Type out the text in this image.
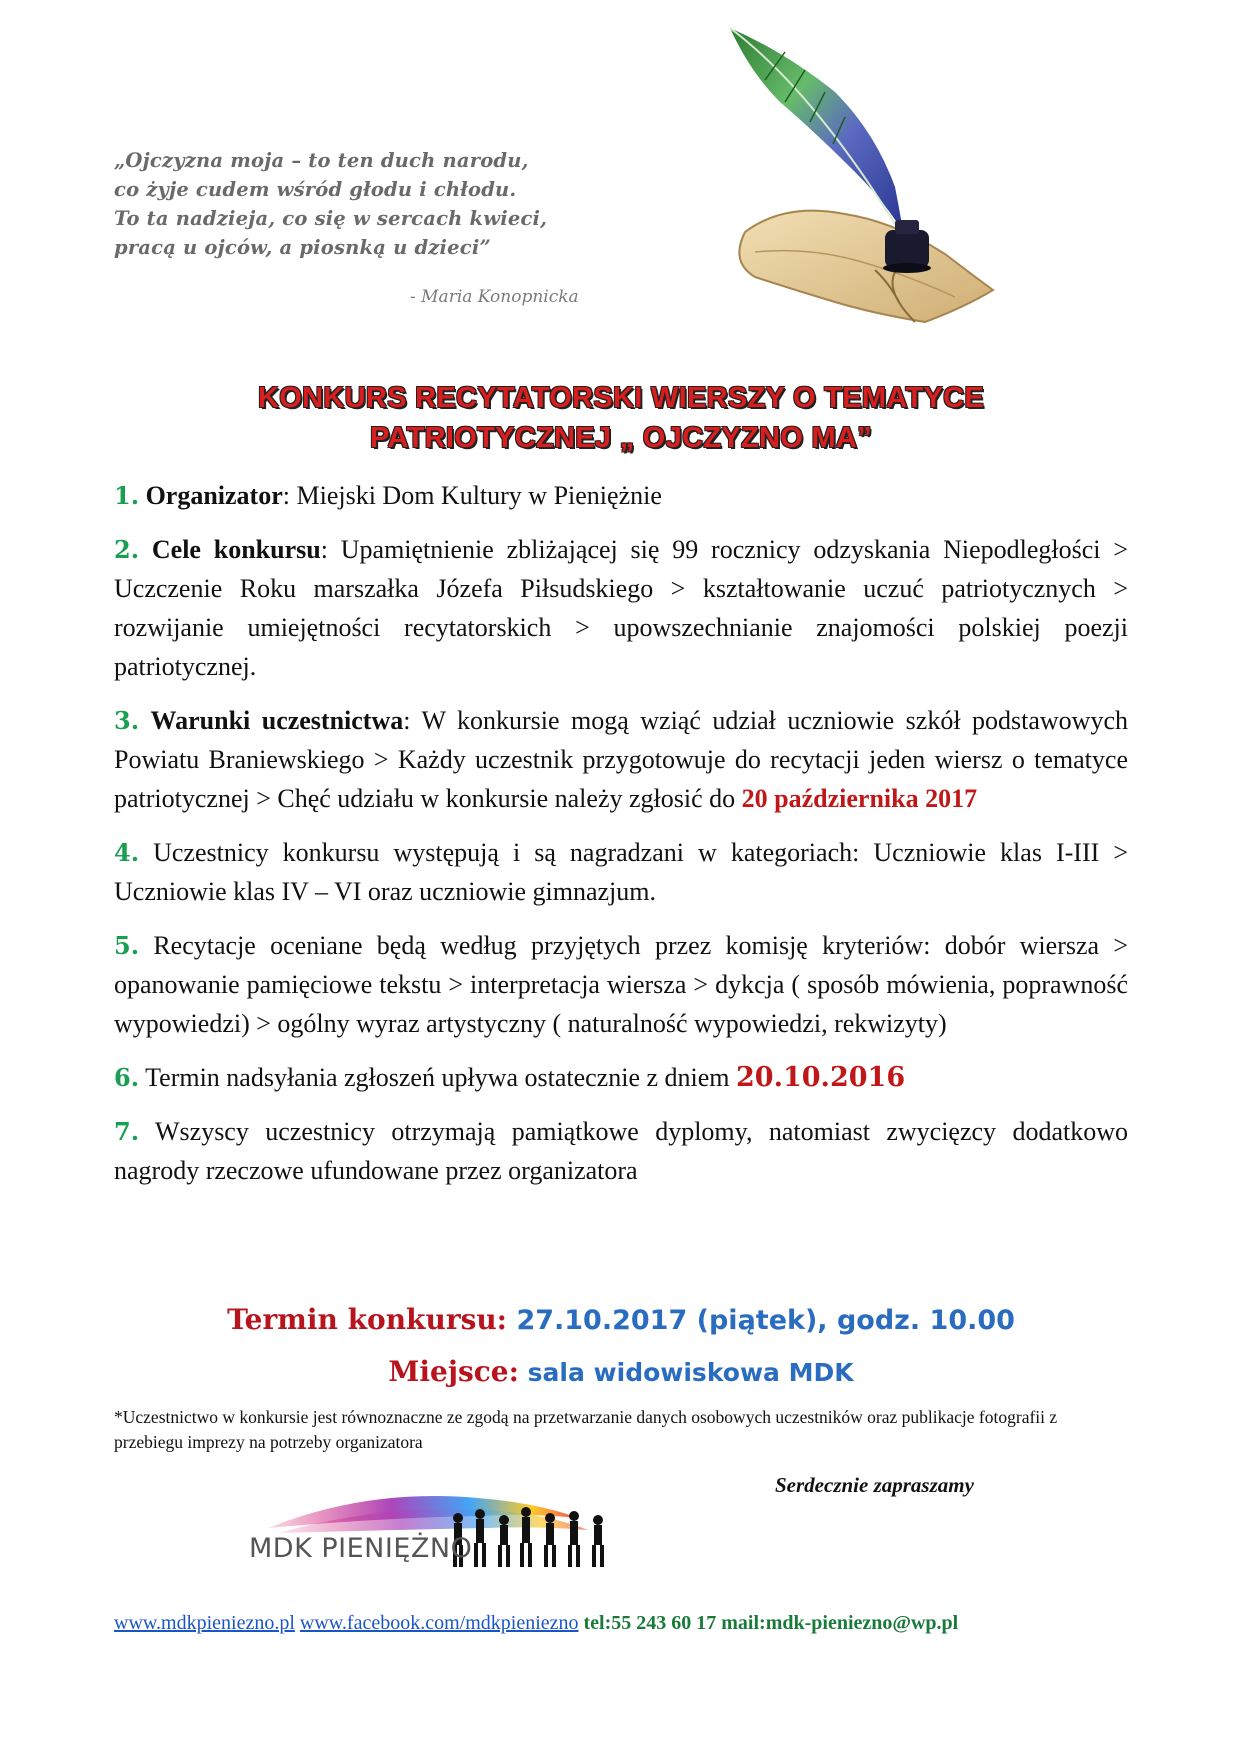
„Ojczyzna moja – to ten duch narodu,
co żyje cudem wśród głodu i chłodu.
To ta nadzieja, co się w sercach kwieci,
pracą u ojców, a piosnką u dzieci”
- Maria Konopnicka
KONKURS RECYTATORSKI WIERSZY O TEMATYCE
PATRIOTYCZNEJ „ OJCZYZNO MA”
1. Organizator: Miejski Dom Kultury w Pieniężnie
2. Cele konkursu: Upamiętnienie zbliżającej się 99 rocznicy odzyskania Niepodległości > Uczczenie Roku marszałka Józefa Piłsudskiego > kształtowanie uczuć patriotycznych > rozwijanie umiejętności recytatorskich > upowszechnianie znajomości polskiej poezji patriotycznej.
3. Warunki uczestnictwa: W konkursie mogą wziąć udział uczniowie szkół podstawowych Powiatu Braniewskiego > Każdy uczestnik przygotowuje do recytacji jeden wiersz o tematyce patriotycznej > Chęć udziału w konkursie należy zgłosić do 20 października 2017
4. Uczestnicy konkursu występują i są nagradzani w kategoriach: Uczniowie klas I-III > Uczniowie klas IV – VI oraz uczniowie gimnazjum.
5. Recytacje oceniane będą według przyjętych przez komisję kryteriów: dobór wiersza > opanowanie pamięciowe tekstu > interpretacja wiersza > dykcja ( sposób mówienia, poprawność wypowiedzi) > ogólny wyraz artystyczny ( naturalność wypowiedzi, rekwizyty)
6. Termin nadsyłania zgłoszeń upływa ostatecznie z dniem 20.10.2016
7. Wszyscy uczestnicy otrzymają pamiątkowe dyplomy, natomiast zwycięzcy dodatkowo nagrody rzeczowe ufundowane przez organizatora
Termin konkursu: 27.10.2017 (piątek), godz. 10.00
Miejsce: sala widowiskowa MDK
*Uczestnictwo w konkursie jest równoznaczne ze zgodą na przetwarzanie danych osobowych uczestników oraz publikacje fotografii z przebiegu imprezy na potrzeby organizatora
Serdecznie zapraszamy
MDK PIENIĘŻNO
www.mdkpieniezno.pl www.facebook.com/mdkpieniezno tel:55 243 60 17 mail:mdk-pieniezno@wp.pl
